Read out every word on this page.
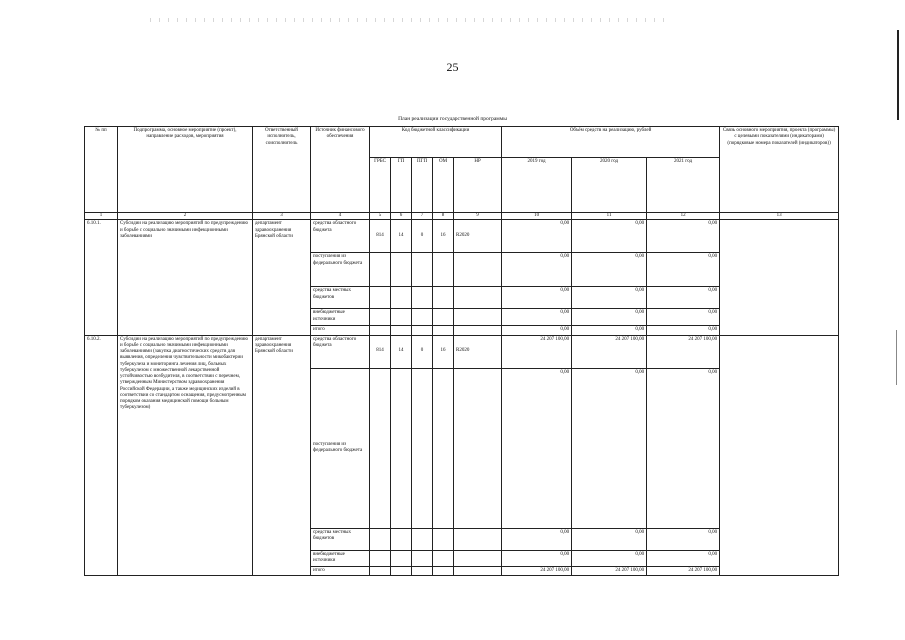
25
План реализации государственной программы
№ пп	Подпрограмма, основное мероприятие (проект), направление расходов, мероприятия	Ответственный исполнитель, соисполнитель	Источник финансового обеспечения	Код бюджетной классификации					Объём средств на реализацию, рублей			Связь основного мероприятия, проекта (программы) с целевыми показателями (индикаторами) (порядковые номера показателей (индикаторов))
				ГРБС	ГП	ПГП	ОМ	НР	2019 год	2020 год	2021 год	
1	2	3	4	5	6	7	8	9	10	11	12	13
6.10.1.	Субсидии на реализацию мероприятий по предупреждению и борьбе с социально значимыми инфекционными заболеваниями	департамент здравоохранения Брянской области	средства областного бюджета	814	14	0	16	R2020	0,00	0,00	0,00	
			поступления из федерального бюджета						0,00	0,00	0,00	
			средства местных бюджетов						0,00	0,00	0,00	
			внебюджетные источники						0,00	0,00	0,00	
			итого						0,00	0,00	0,00	
6.10.2.	Субсидии на реализацию мероприятий по предупреждению и борьбе с социально значимыми инфекционными заболеваниями (закупка диагностических средств для выявления, определения чувствительности микобактерии туберкулеза и мониторинга лечения лиц, больных туберкулезом с множественной лекарственной устойчивостью возбудителя, в соответствии с перечнем, утвержденным Министерством здравоохранения Российской Федерации, а также медицинских изделий в соответствии со стандартом оснащения, предусмотренным порядком оказания медицинской помощи больным туберкулезом)	департамент здравоохранения Брянской области	средства областного бюджета	814	14	0	16	R2020	24 207 100,00	24 207 100,00	24 207 100,00	
			поступления из федерального бюджета						0,00	0,00	0,00	
			средства местных бюджетов						0,00	0,00	0,00	
			внебюджетные источники						0,00	0,00	0,00	
			итого						24 207 100,00	24 207 100,00	24 207 100,00	
